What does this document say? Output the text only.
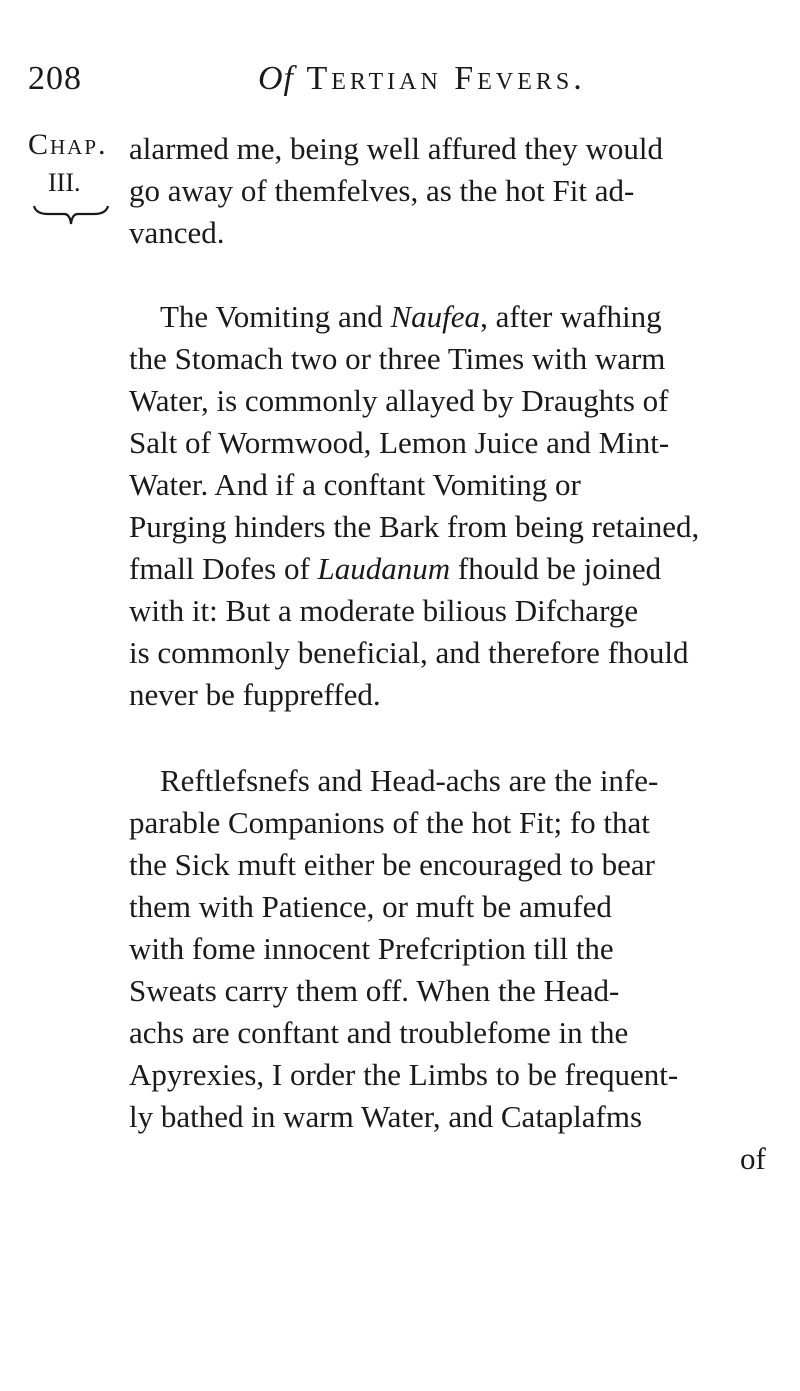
208	Of Tertian Fevers.
Chap.
III.
alarmed me, being well affured they would
go away of themfelves, as the hot Fit ad-
vanced.
The Vomiting and Naufea, after wafhing
the Stomach two or three Times with warm
Water, is commonly allayed by Draughts of
Salt of Wormwood, Lemon Juice and Mint-
Water. And if a conftant Vomiting or
Purging hinders the Bark from being retained,
fmall Dofes of Laudanum fhould be joined
with it: But a moderate bilious Difcharge
is commonly beneficial, and therefore fhould
never be fuppreffed.
Reftlefsnefs and Head-achs are the infe-
parable Companions of the hot Fit; fo that
the Sick muft either be encouraged to bear
them with Patience, or muft be amufed
with fome innocent Prefcription till the
Sweats carry them off. When the Head-
achs are conftant and troublefome in the
Apyrexies, I order the Limbs to be frequent-
ly bathed in warm Water, and Cataplafms
of
